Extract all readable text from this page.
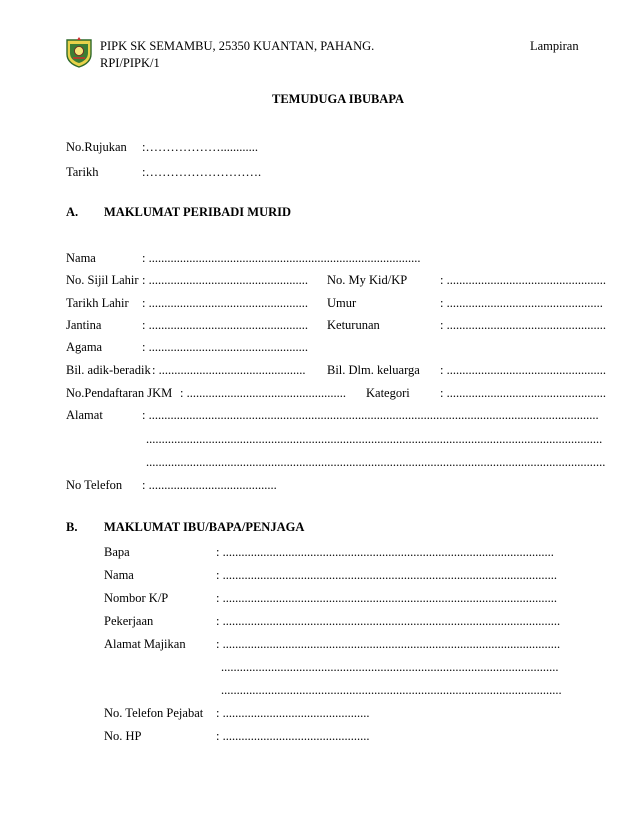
PIPK SK SEMAMBU, 25350 KUANTAN, PAHANG.
RPI/PIPK/1
Lampiran
TEMUDUGA IBUBAPA
No.Rujukan :………………............
Tarikh	:……………………….
A. MAKLUMAT PERIBADI MURID
Nama	: .......................................................................................
No. Sijil Lahir : ................................................... No. My Kid/KP	: ...................................................
Tarikh Lahir : ................................................... Umur	: ..................................................
Jantina	: ................................................... Keturunan	: ...................................................
Agama	: ...................................................
Bil. adik-beradik : ............................................... Bil. Dlm. keluarga : ...................................................
No.Pendaftaran JKM : ................................................... Kategori : ...................................................
Alamat	: ................................................................................................................................................
..................................................................................................................................................
...................................................................................................................................................
No Telefon : .........................................
B. MAKLUMAT IBU/BAPA/PENJAGA
Bapa	: ..........................................................................................................
Nama	: ...........................................................................................................
Nombor K/P	: ...........................................................................................................
Pekerjaan	: ............................................................................................................
Alamat Majikan : ............................................................................................................
............................................................................................................
.............................................................................................................
No. Telefon Pejabat : ...............................................
No. HP	: ...............................................
